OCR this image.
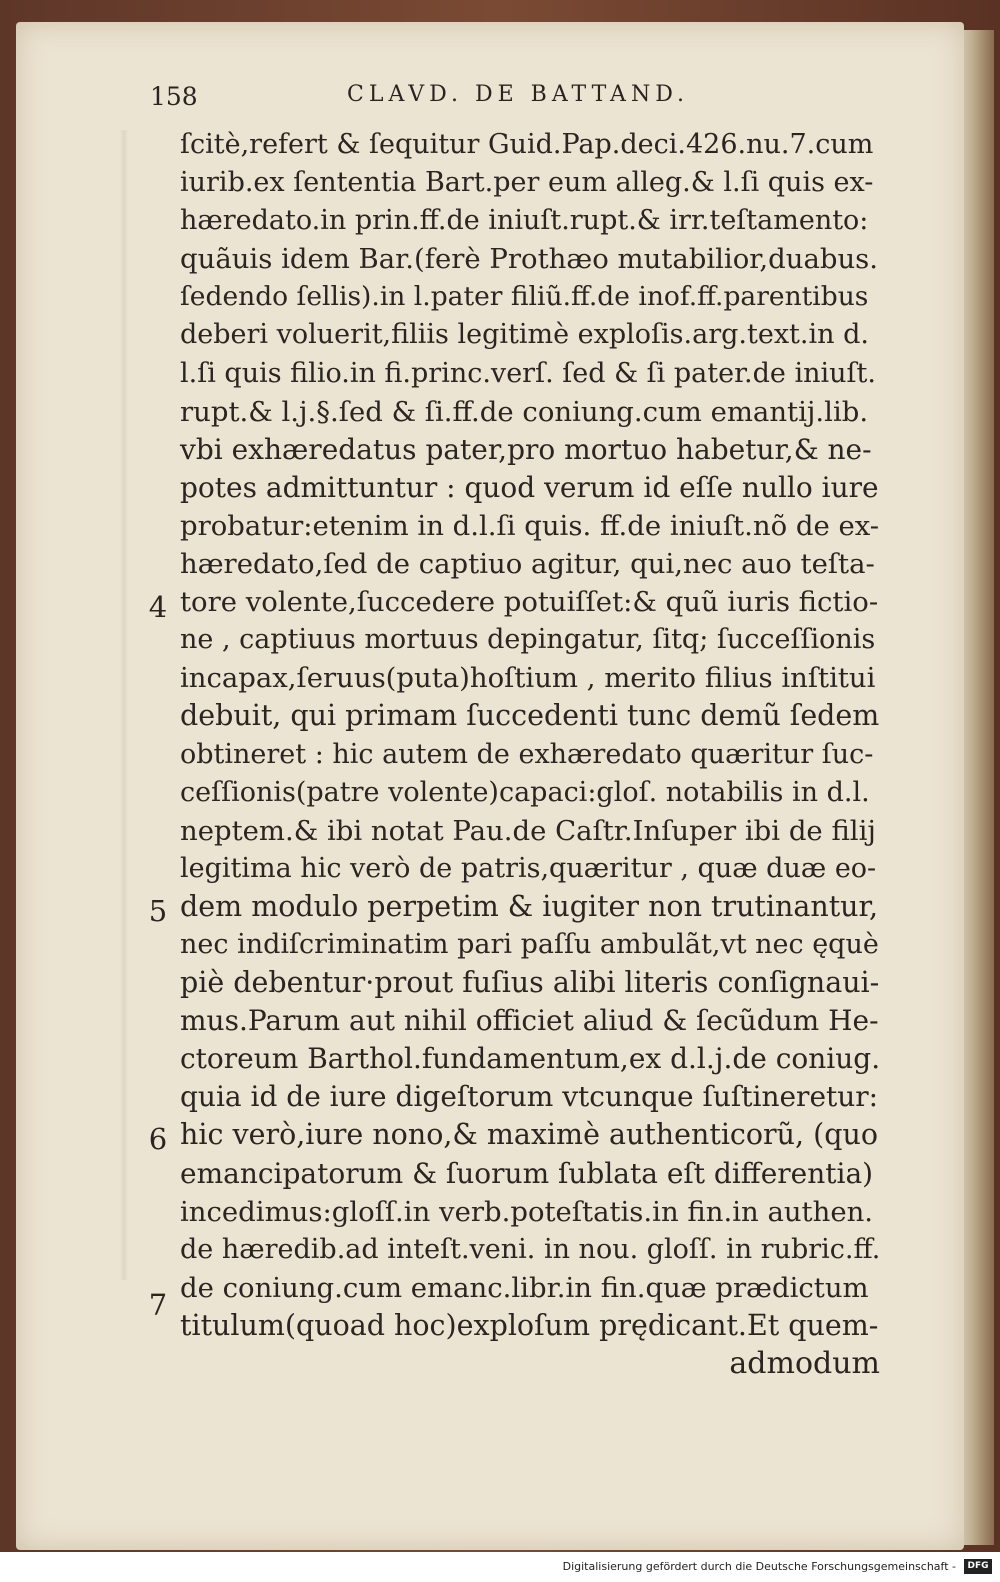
158	CLAVD. DE BATTAND.
4
5
6
7
ſcitè,refert & ſequitur Guid.Pap.deci.426.nu.7.cum
iurib.ex ſententia Bart.per eum alleg.& l.ſi quis ex-
hæredato.in prin.ff.de iniuſt.rupt.& irr.teſtamento:
quãuis idem Bar.(ferè Prothæo mutabilior,duabus.
ſedendo ſellis).in l.pater filiũ.ff.de inof.ff.parentibus
deberi voluerit,filiis legitimè exploſis.arg.text.in d.
l.ſi quis filio.in fi.princ.verſ. ſed & ſi pater.de iniuſt.
rupt.& l.j.§.ſed & ſi.ff.de coniung.cum emantij.lib.
vbi exhæredatus pater,pro mortuo habetur,& ne-
potes admittuntur : quod verum id eſſe nullo iure
probatur:etenim in d.l.ſi quis. ff.de iniuſt.nõ de ex-
hæredato,ſed de captiuo agitur, qui,nec auo teſta-
tore volente,ſuccedere potuiſſet:& quũ iuris fictio-
ne , captiuus mortuus depingatur, ſitq; ſucceſſionis
incapax,ſeruus(puta)hoſtium , merito filius inſtitui
debuit, qui primam ſuccedenti tunc demũ ſedem
obtineret : hic autem de exhæredato quæritur ſuc-
ceſſionis(patre volente)capaci:gloſ. notabilis in d.l.
neptem.& ibi notat Pau.de Caſtr.Inſuper ibi de filij
legitima hic verò de patris,quæritur , quæ duæ eo-
dem modulo perpetim & iugiter non trutinantur,
nec indiſcriminatim pari paſſu ambulãt,vt nec ęquè
piè debentur·prout fuſius alibi literis conſignaui-
mus.Parum aut nihil officiet aliud & ſecũdum He-
ctoreum Barthol.fundamentum,ex d.l.j.de coniug.
quia id de iure digeſtorum vtcunque ſuſtineretur:
hic verò,iure nono,& maximè authenticorũ, (quo
emancipatorum & ſuorum ſublata eſt differentia)
incedimus:gloſſ.in verb.poteſtatis.in fin.in authen.
de hæredib.ad inteſt.veni. in nou. gloſſ. in rubric.ff.
de coniung.cum emanc.libr.in fin.quæ prædictum
titulum(quoad hoc)exploſum prędicant.Et quem-
admodum
Digitalisierung gefördert durch die Deutsche Forschungsgemeinschaft -	DFG
